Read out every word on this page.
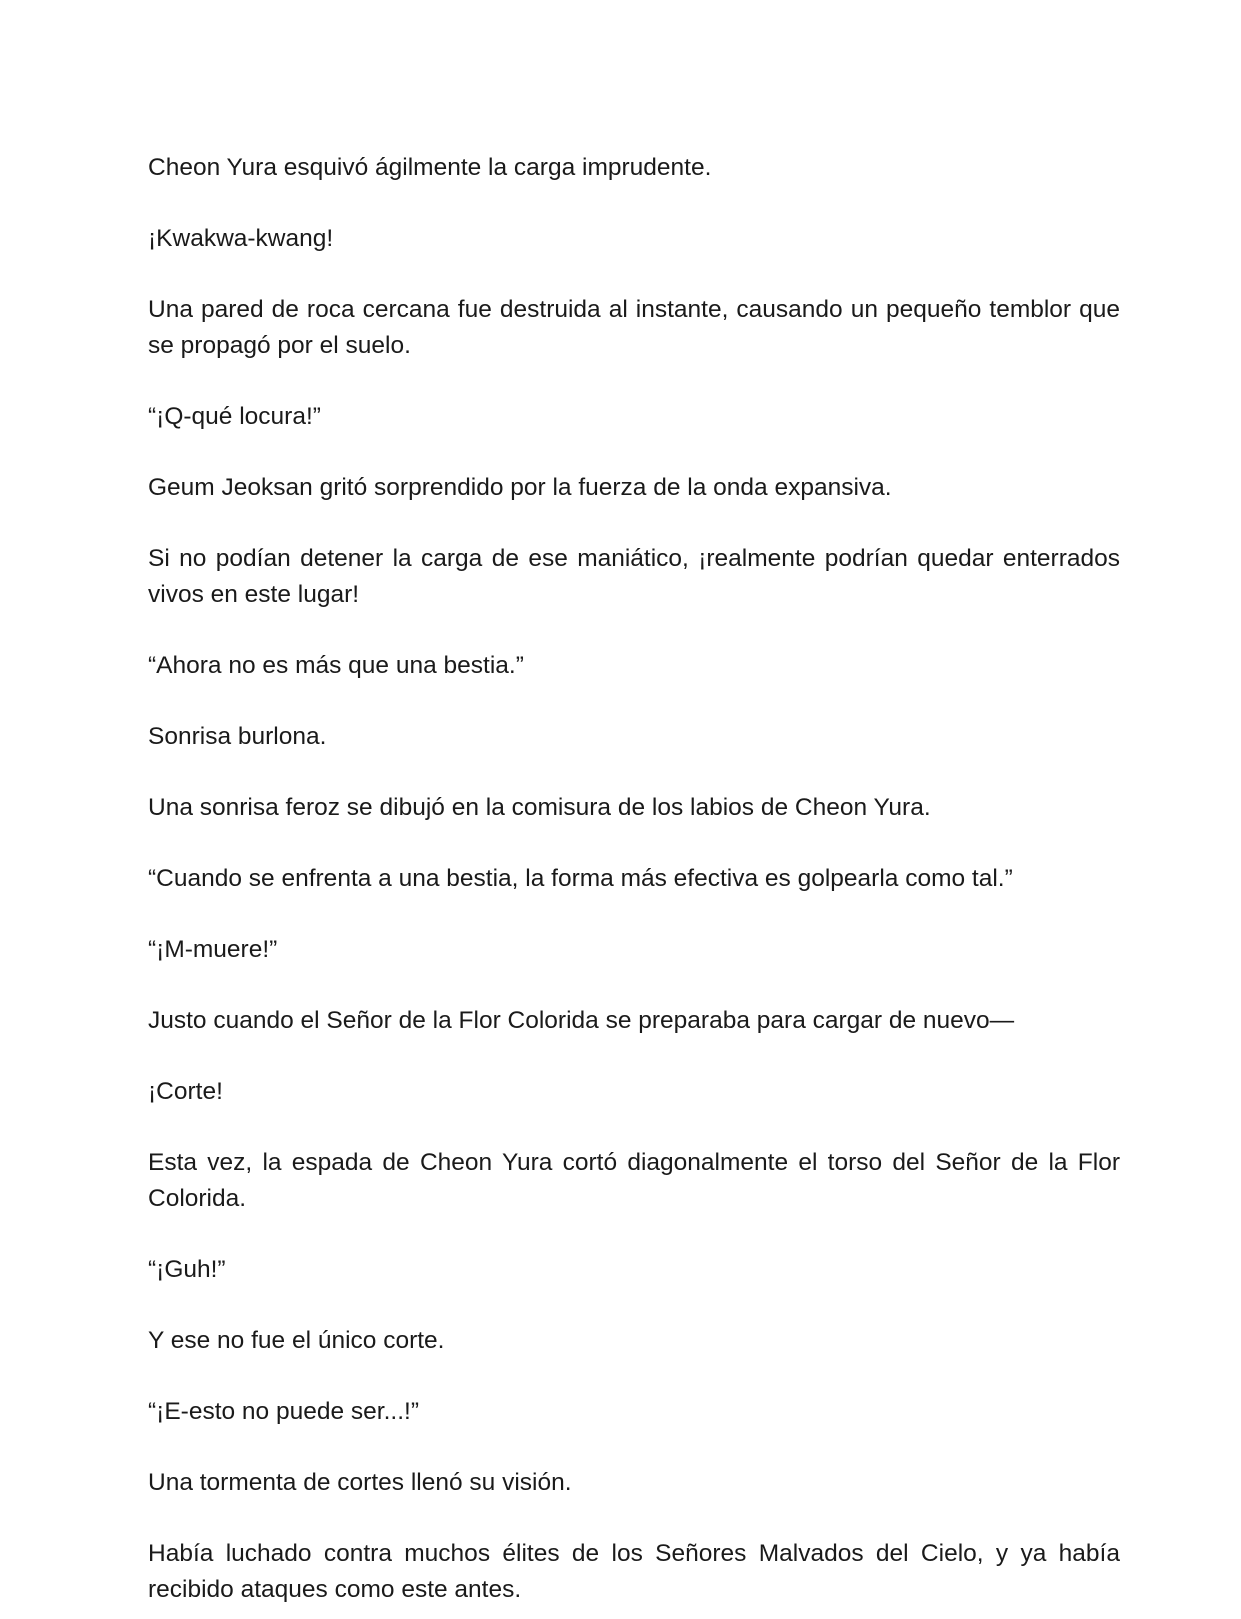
Cheon Yura esquivó ágilmente la carga imprudente.

¡Kwakwa-kwang!

Una pared de roca cercana fue destruida al instante, causando un pequeño temblor que se propagó por el suelo.

“¡Q-qué locura!”

Geum Jeoksan gritó sorprendido por la fuerza de la onda expansiva.

Si no podían detener la carga de ese maniático, ¡realmente podrían quedar enterrados vivos en este lugar!

“Ahora no es más que una bestia.”

Sonrisa burlona.

Una sonrisa feroz se dibujó en la comisura de los labios de Cheon Yura.

“Cuando se enfrenta a una bestia, la forma más efectiva es golpearla como tal.”

“¡M-muere!”

Justo cuando el Señor de la Flor Colorida se preparaba para cargar de nuevo—

¡Corte!

Esta vez, la espada de Cheon Yura cortó diagonalmente el torso del Señor de la Flor Colorida.

“¡Guh!”

Y ese no fue el único corte.

“¡E-esto no puede ser...!”

Una tormenta de cortes llenó su visión.

Había luchado contra muchos élites de los Señores Malvados del Cielo, y ya había recibido ataques como este antes.
